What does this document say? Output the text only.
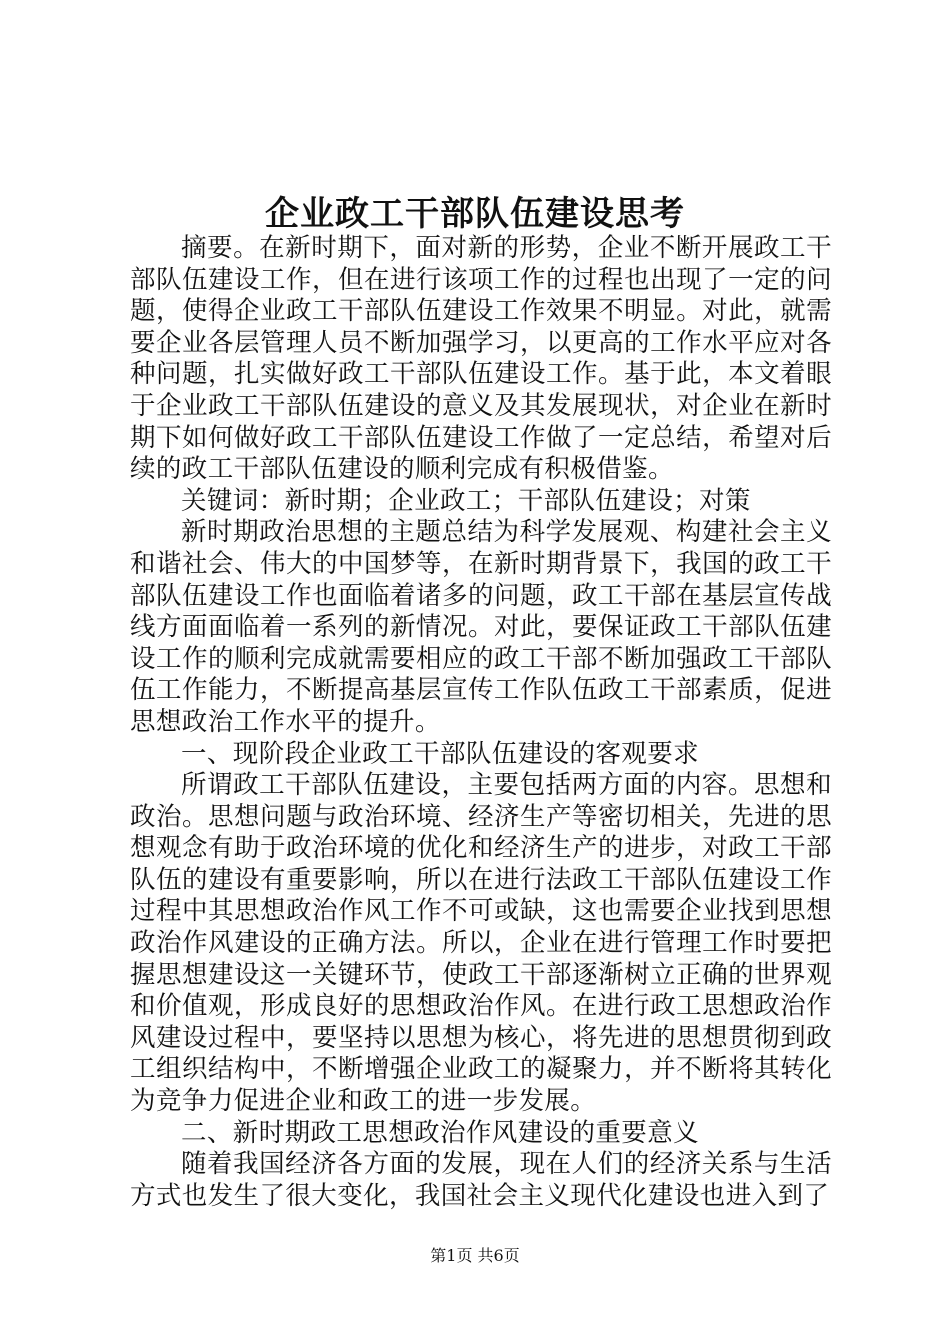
企业政工干部队伍建设思考

摘要。在新时期下，面对新的形势，企业不断开展政工干部队伍建设工作，但在进行该项工作的过程也出现了一定的问题，使得企业政工干部队伍建设工作效果不明显。对此，就需要企业各层管理人员不断加强学习，以更高的工作水平应对各种问题，扎实做好政工干部队伍建设工作。基于此，本文着眼于企业政工干部队伍建设的意义及其发展现状，对企业在新时期下如何做好政工干部队伍建设工作做了一定总结，希望对后续的政工干部队伍建设的顺利完成有积极借鉴。

关键词：新时期；企业政工；干部队伍建设；对策

新时期政治思想的主题总结为科学发展观、构建社会主义和谐社会、伟大的中国梦等，在新时期背景下，我国的政工干部队伍建设工作也面临着诸多的问题，政工干部在基层宣传战线方面面临着一系列的新情况。对此，要保证政工干部队伍建设工作的顺利完成就需要相应的政工干部不断加强政工干部队伍工作能力，不断提高基层宣传工作队伍政工干部素质，促进思想政治工作水平的提升。

一、现阶段企业政工干部队伍建设的客观要求

所谓政工干部队伍建设，主要包括两方面的内容。思想和政治。思想问题与政治环境、经济生产等密切相关，先进的思想观念有助于政治环境的优化和经济生产的进步，对政工干部队伍的建设有重要影响，所以在进行法政工干部队伍建设工作过程中其思想政治作风工作不可或缺，这也需要企业找到思想政治作风建设的正确方法。所以，企业在进行管理工作时要把握思想建设这一关键环节，使政工干部逐渐树立正确的世界观和价值观，形成良好的思想政治作风。在进行政工思想政治作风建设过程中，要坚持以思想为核心，将先进的思想贯彻到政工组织结构中，不断增强企业政工的凝聚力，并不断将其转化为竞争力促进企业和政工的进一步发展。

二、新时期政工思想政治作风建设的重要意义

随着我国经济各方面的发展，现在人们的经济关系与生活方式也发生了很大变化，我国社会主义现代化建设也进入到了

第1页 共6页
